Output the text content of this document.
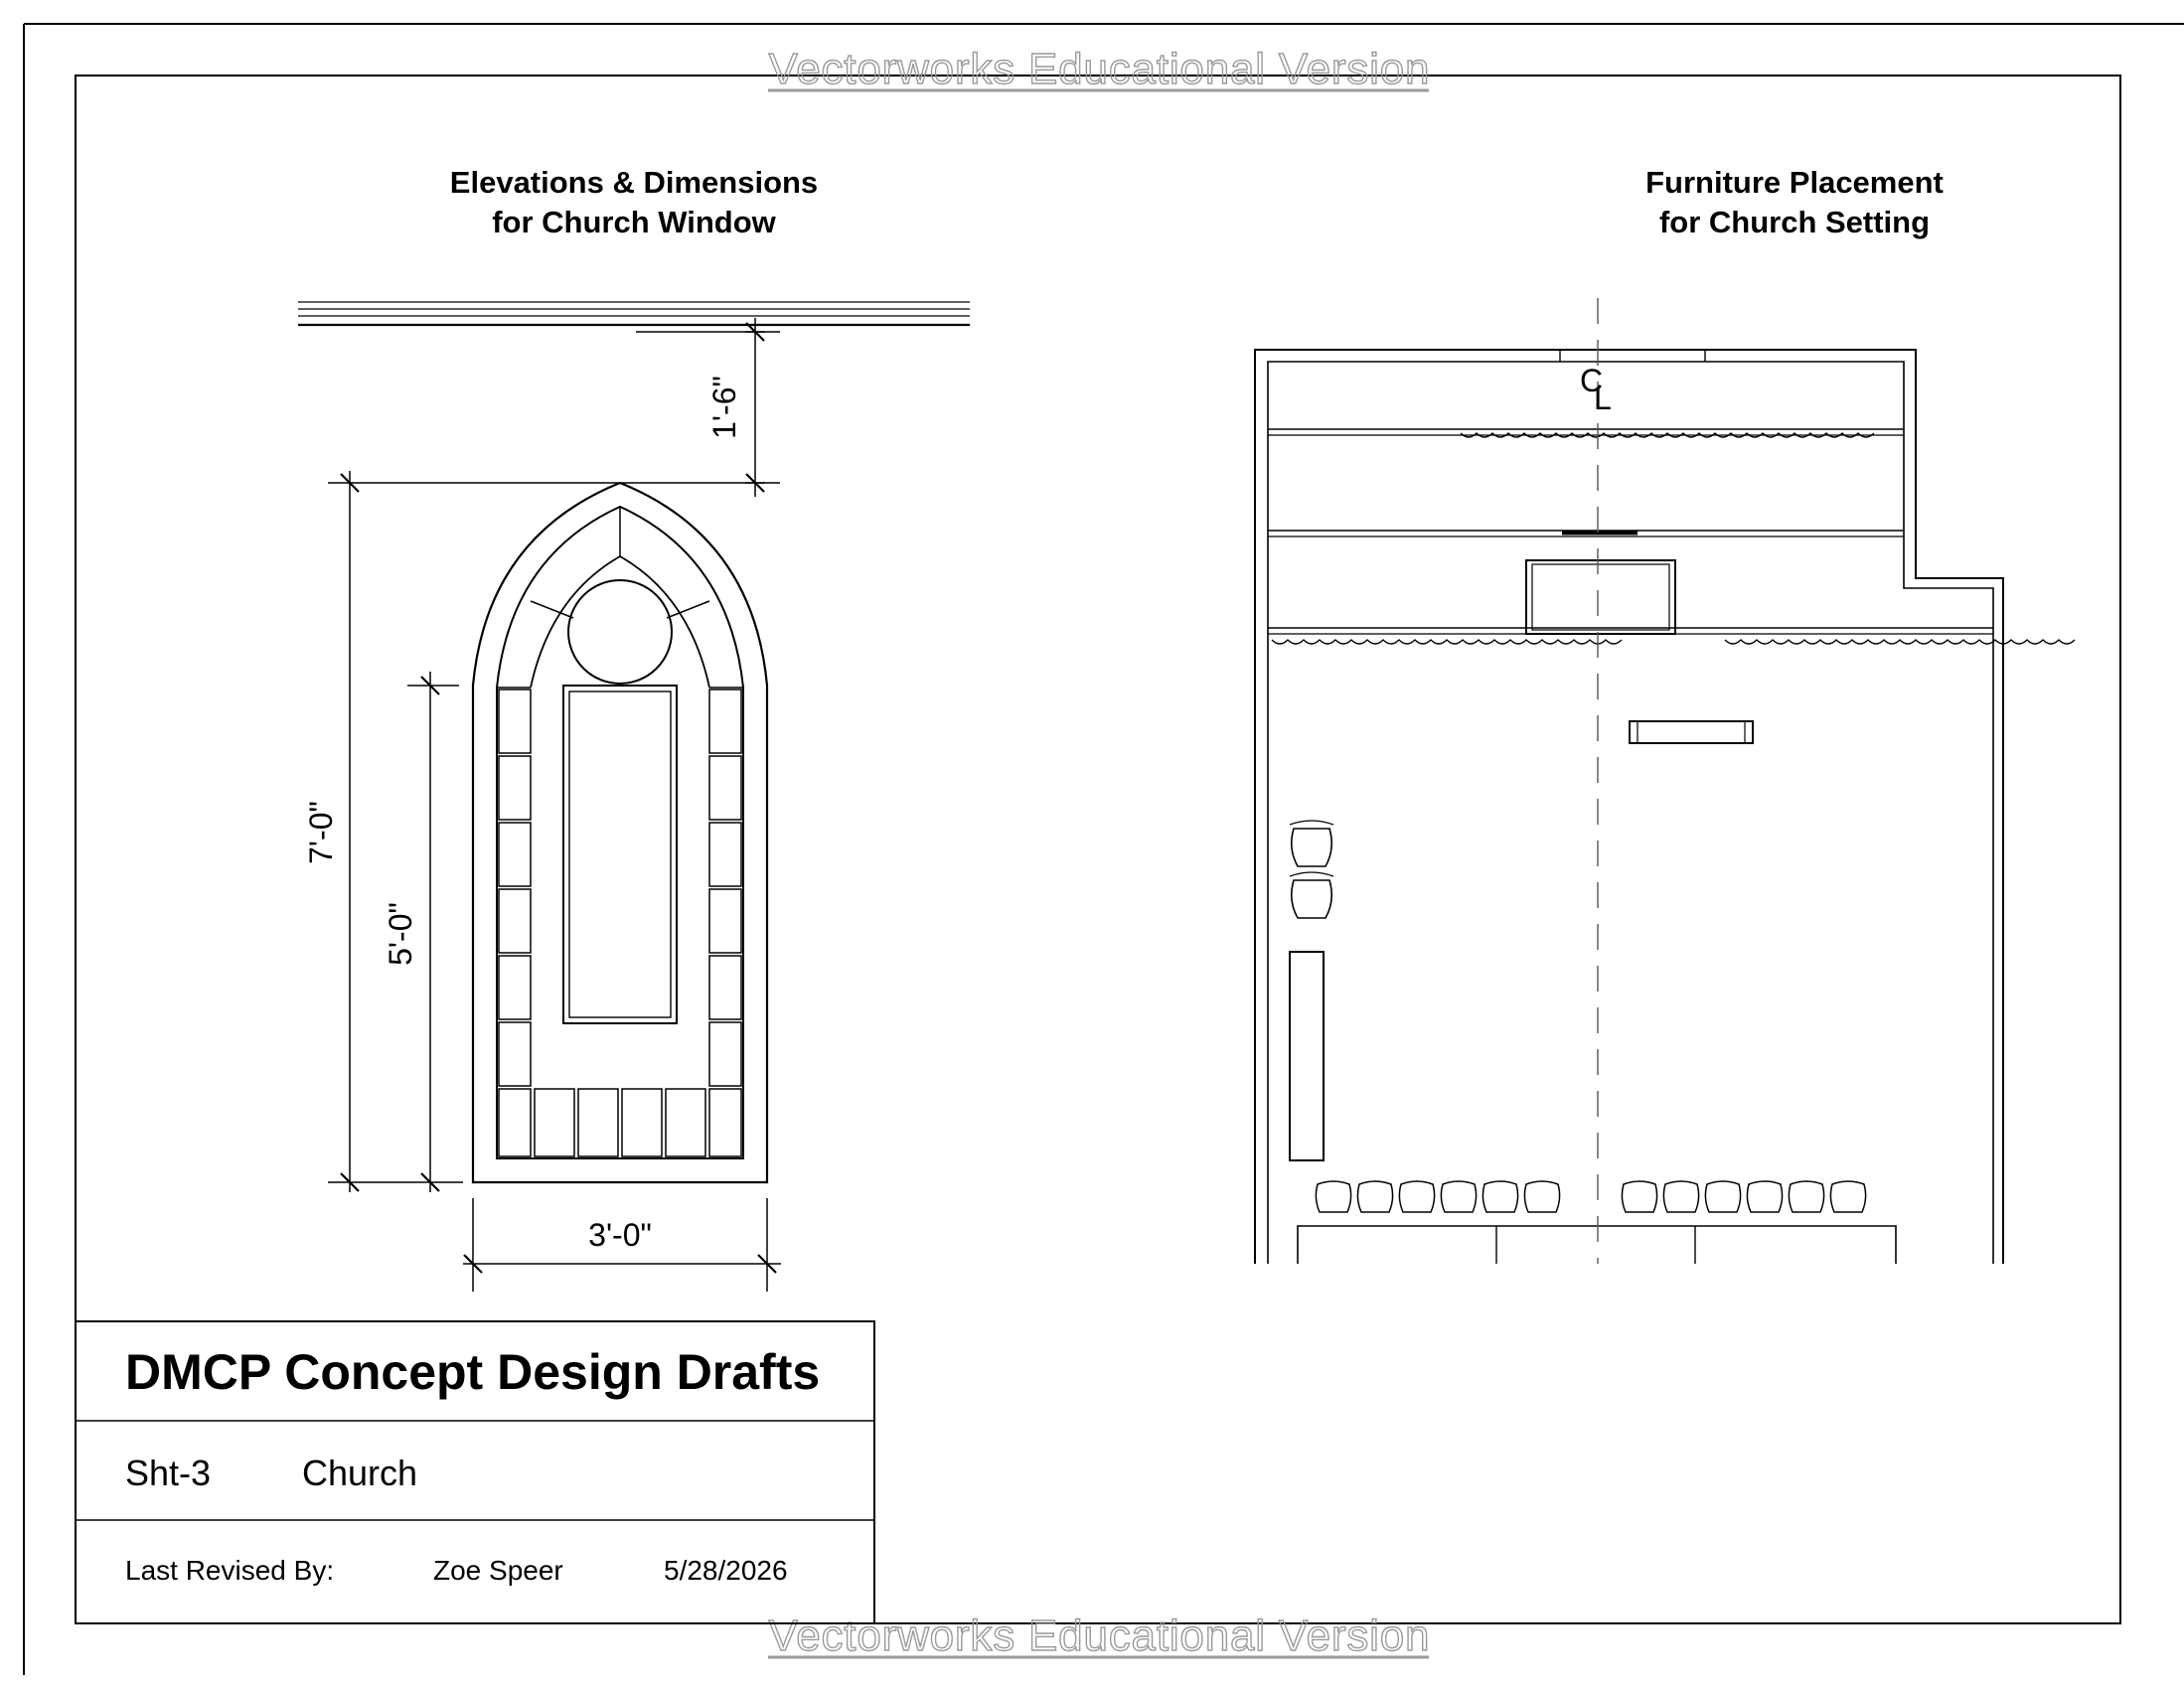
Vectorworks Educational Version
Vectorworks Educational Version
Elevations & Dimensions
for Church Window
1'-6"
7'-0"
5'-0"
3'-0"
Furniture Placement
for Church Setting
C
L
DMCP Concept Design Drafts
Sht-3	Church
Last Revised By:	Zoe Speer	5/28/2026
